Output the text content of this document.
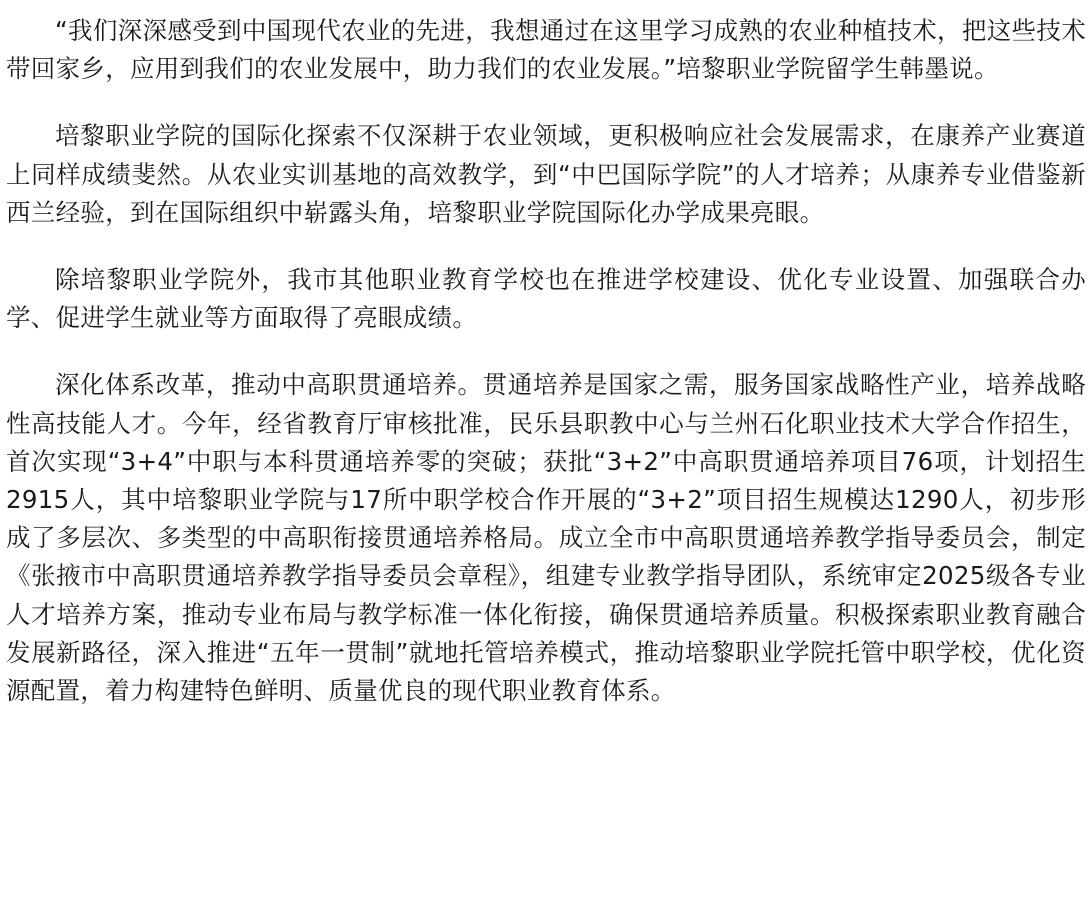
“我们深深感受到中国现代农业的先进，我想通过在这里学习成熟的农业种植技术，把这些技术带回家乡，应用到我们的农业发展中，助力我们的农业发展。”培黎职业学院留学生韩墨说。

培黎职业学院的国际化探索不仅深耕于农业领域，更积极响应社会发展需求，在康养产业赛道上同样成绩斐然。从农业实训基地的高效教学，到“中巴国际学院”的人才培养；从康养专业借鉴新西兰经验，到在国际组织中崭露头角，培黎职业学院国际化办学成果亮眼。

除培黎职业学院外，我市其他职业教育学校也在推进学校建设、优化专业设置、加强联合办学、促进学生就业等方面取得了亮眼成绩。

深化体系改革，推动中高职贯通培养。贯通培养是国家之需，服务国家战略性产业，培养战略性高技能人才。今年，经省教育厅审核批准，民乐县职教中心与兰州石化职业技术大学合作招生，首次实现“3+4”中职与本科贯通培养零的突破；获批“3+2”中高职贯通培养项目76项，计划招生2915人，其中培黎职业学院与17所中职学校合作开展的“3+2”项目招生规模达1290人，初步形成了多层次、多类型的中高职衔接贯通培养格局。成立全市中高职贯通培养教学指导委员会，制定《张掖市中高职贯通培养教学指导委员会章程》，组建专业教学指导团队，系统审定2025级各专业人才培养方案，推动专业布局与教学标准一体化衔接，确保贯通培养质量。积极探索职业教育融合发展新路径，深入推进“五年一贯制”就地托管培养模式，推动培黎职业学院托管中职学校，优化资源配置，着力构建特色鲜明、质量优良的现代职业教育体系。
